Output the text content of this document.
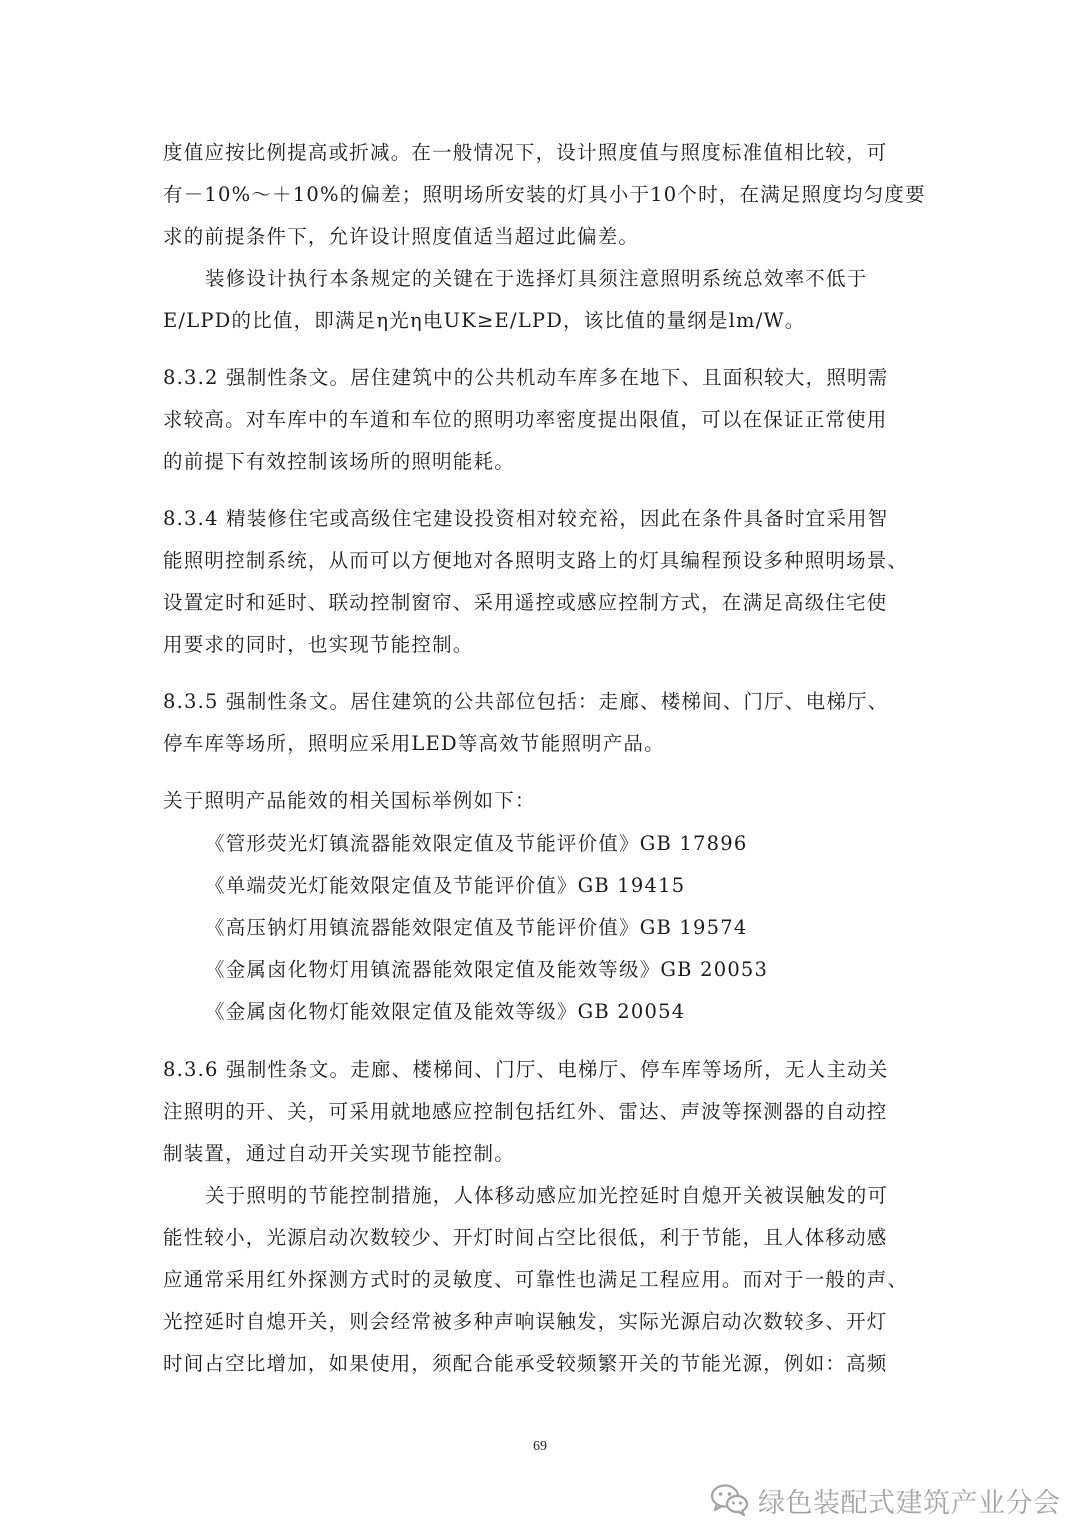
度值应按比例提高或折减。在一般情况下，设计照度值与照度标准值相比较，可
有－10%～＋10%的偏差；照明场所安装的灯具小于10个时，在满足照度均匀度要
求的前提条件下，允许设计照度值适当超过此偏差。
装修设计执行本条规定的关键在于选择灯具须注意照明系统总效率不低于
E/LPD的比值，即满足η光η电UK≥E/LPD，该比值的量纲是lm/W。
8.3.2 强制性条文。居住建筑中的公共机动车库多在地下、且面积较大，照明需
求较高。对车库中的车道和车位的照明功率密度提出限值，可以在保证正常使用
的前提下有效控制该场所的照明能耗。
8.3.4 精装修住宅或高级住宅建设投资相对较充裕，因此在条件具备时宜采用智
能照明控制系统，从而可以方便地对各照明支路上的灯具编程预设多种照明场景、
设置定时和延时、联动控制窗帘、采用遥控或感应控制方式，在满足高级住宅使
用要求的同时，也实现节能控制。
8.3.5 强制性条文。居住建筑的公共部位包括：走廊、楼梯间、门厅、电梯厅、
停车库等场所，照明应采用LED等高效节能照明产品。
关于照明产品能效的相关国标举例如下：
《管形荧光灯镇流器能效限定值及节能评价值》GB 17896
《单端荧光灯能效限定值及节能评价值》GB 19415
《高压钠灯用镇流器能效限定值及节能评价值》GB 19574
《金属卤化物灯用镇流器能效限定值及能效等级》GB 20053
《金属卤化物灯能效限定值及能效等级》GB 20054
8.3.6 强制性条文。走廊、楼梯间、门厅、电梯厅、停车库等场所，无人主动关
注照明的开、关，可采用就地感应控制包括红外、雷达、声波等探测器的自动控
制装置，通过自动开关实现节能控制。
关于照明的节能控制措施，人体移动感应加光控延时自熄开关被误触发的可
能性较小，光源启动次数较少、开灯时间占空比很低，利于节能，且人体移动感
应通常采用红外探测方式时的灵敏度、可靠性也满足工程应用。而对于一般的声、
光控延时自熄开关，则会经常被多种声响误触发，实际光源启动次数较多、开灯
时间占空比增加，如果使用，须配合能承受较频繁开关的节能光源，例如：高频
69
绿色装配式建筑产业分会
